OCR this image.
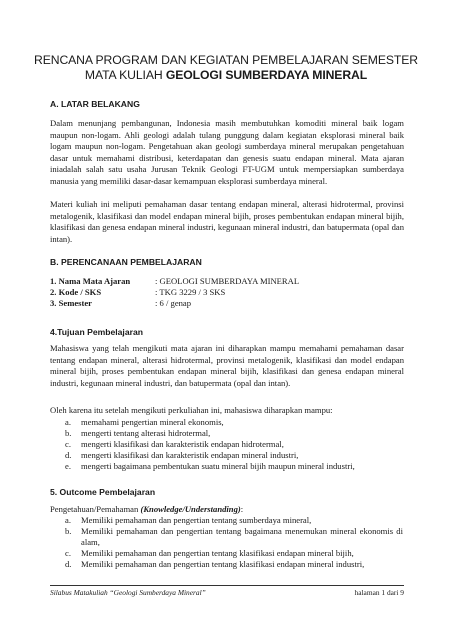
RENCANA PROGRAM DAN KEGIATAN PEMBELAJARAN SEMESTER
MATA KULIAH GEOLOGI SUMBERDAYA MINERAL
A. LATAR BELAKANG

Dalam menunjang pembangunan, Indonesia masih membutuhkan komoditi mineral baik logam maupun non-logam. Ahli geologi adalah tulang punggung dalam kegiatan eksplorasi mineral baik logam maupun non-logam. Pengetahuan akan geologi sumberdaya mineral merupakan pengetahuan dasar untuk memahami distribusi, keterdapatan dan genesis suatu endapan mineral. Mata ajaran iniadalah salah satu usaha Jurusan Teknik Geologi FT-UGM untuk mempersiapkan sumberdaya manusia yang memiliki dasar-dasar kemampuan eksplorasi sumberdaya mineral.

Materi kuliah ini meliputi pemahaman dasar tentang endapan mineral, alterasi hidrotermal, provinsi metalogenik, klasifikasi dan model endapan mineral bijih, proses pembentukan endapan mineral bijih, klasifikasi dan genesa endapan mineral industri, kegunaan mineral industri, dan batupermata (opal dan intan).

B. PERENCANAAN PEMBELAJARAN
1. Nama Mata Ajaran	: GEOLOGI SUMBERDAYA MINERAL
2. Kode / SKS	: TKG 3229 / 3 SKS
3. Semester	: 6 / genap
4.Tujuan Pembelajaran

Mahasiswa yang telah mengikuti mata ajaran ini diharapkan mampu memahami pemahaman dasar tentang endapan mineral, alterasi hidrotermal, provinsi metalogenik, klasifikasi dan model endapan mineral bijih, proses pembentukan endapan mineral bijih, klasifikasi dan genesa endapan mineral industri, kegunaan mineral industri, dan batupermata (opal dan intan).

Oleh karena itu setelah mengikuti perkuliahan ini, mahasiswa diharapkan mampu:

a. memahami pengertian mineral ekonomis,
b. mengerti tentang alterasi hidrotermal,
c. mengerti klasifikasi dan karakteristik endapan hidrotermal,
d. mengerti klasifikasi dan karakteristik endapan mineral industri,
e. mengerti bagaimana pembentukan suatu mineral bijih maupun mineral industri,
5. Outcome Pembelajaran

Pengetahuan/Pemahaman (Knowledge/Understanding):

a. Memiliki pemahaman dan pengertian tentang sumberdaya mineral,
b. Memiliki pemahaman dan pengertian tentang bagaimana menemukan mineral ekonomis di alam,
c. Memiliki pemahaman dan pengertian tentang klasifikasi endapan mineral bijih,
d. Memiliki pemahaman dan pengertian tentang klasifikasi endapan mineral industri,
Silabus Matakuliah “Geologi Sumberdaya Mineral”	halaman 1 dari 9
